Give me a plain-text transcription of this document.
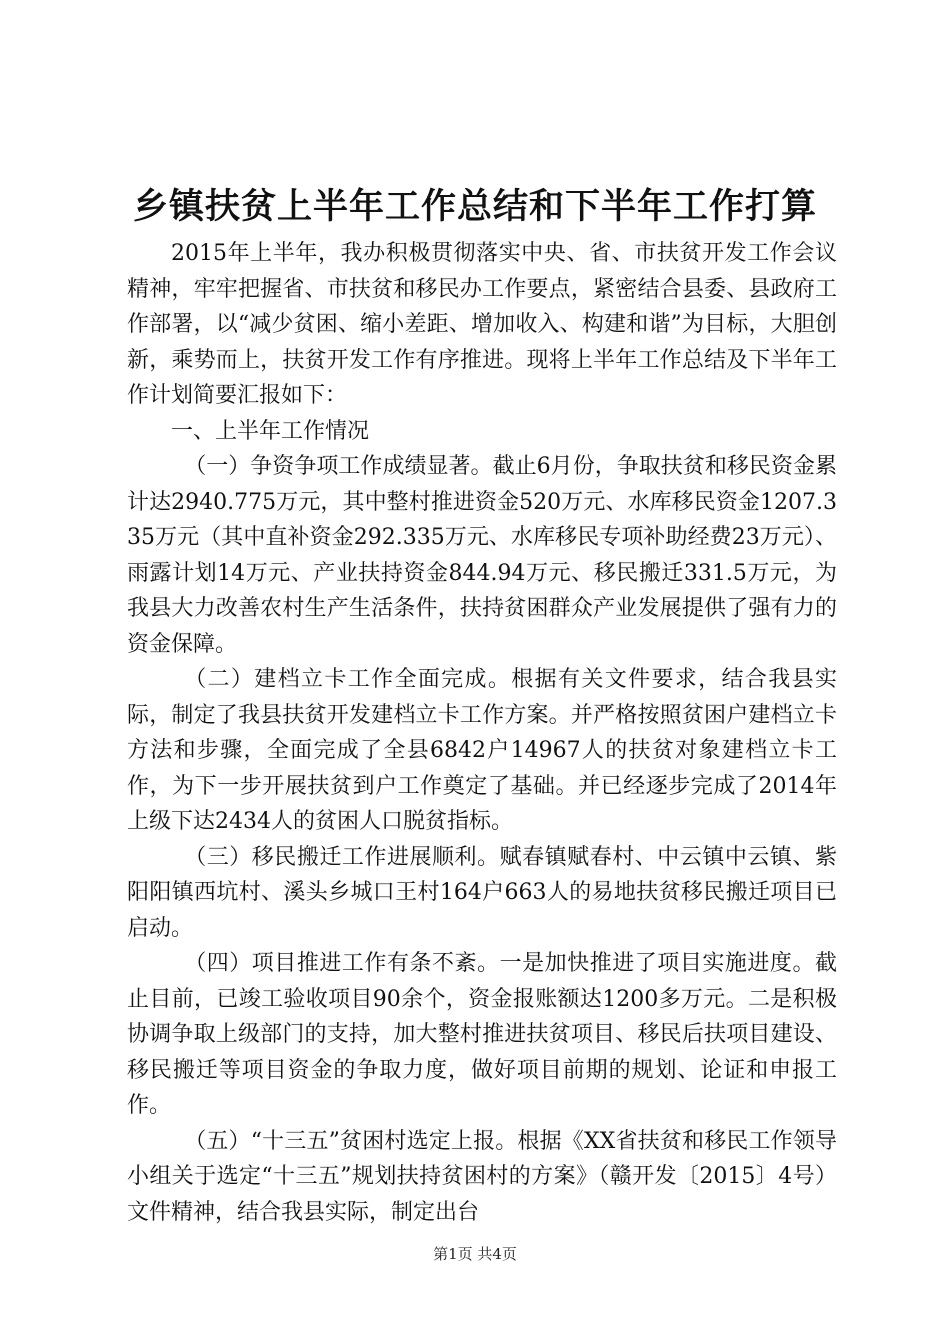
乡镇扶贫上半年工作总结和下半年工作打算

2015年上半年，我办积极贯彻落实中央、省、市扶贫开发工作会议精神，牢牢把握省、市扶贫和移民办工作要点，紧密结合县委、县政府工作部署，以“减少贫困、缩小差距、增加收入、构建和谐”为目标，大胆创新，乘势而上，扶贫开发工作有序推进。现将上半年工作总结及下半年工作计划简要汇报如下：

一、上半年工作情况

（一）争资争项工作成绩显著。截止6月份，争取扶贫和移民资金累计达2940.775万元，其中整村推进资金520万元、水库移民资金1207.335万元（其中直补资金292.335万元、水库移民专项补助经费23万元）、雨露计划14万元、产业扶持资金844.94万元、移民搬迁331.5万元，为我县大力改善农村生产生活条件，扶持贫困群众产业发展提供了强有力的资金保障。

（二）建档立卡工作全面完成。根据有关文件要求，结合我县实际，制定了我县扶贫开发建档立卡工作方案。并严格按照贫困户建档立卡方法和步骤，全面完成了全县6842户14967人的扶贫对象建档立卡工作，为下一步开展扶贫到户工作奠定了基础。并已经逐步完成了2014年上级下达2434人的贫困人口脱贫指标。

（三）移民搬迁工作进展顺利。赋春镇赋春村、中云镇中云镇、紫阳阳镇西坑村、溪头乡城口王村164户663人的易地扶贫移民搬迁项目已启动。

（四）项目推进工作有条不紊。一是加快推进了项目实施进度。截止目前，已竣工验收项目90余个，资金报账额达1200多万元。二是积极协调争取上级部门的支持，加大整村推进扶贫项目、移民后扶项目建设、移民搬迁等项目资金的争取力度，做好项目前期的规划、论证和申报工作。

（五）“十三五”贫困村选定上报。根据《XX省扶贫和移民工作领导小组关于选定“十三五”规划扶持贫困村的方案》（赣开发〔2015〕4号）文件精神，结合我县实际，制定出台

第1页 共4页
